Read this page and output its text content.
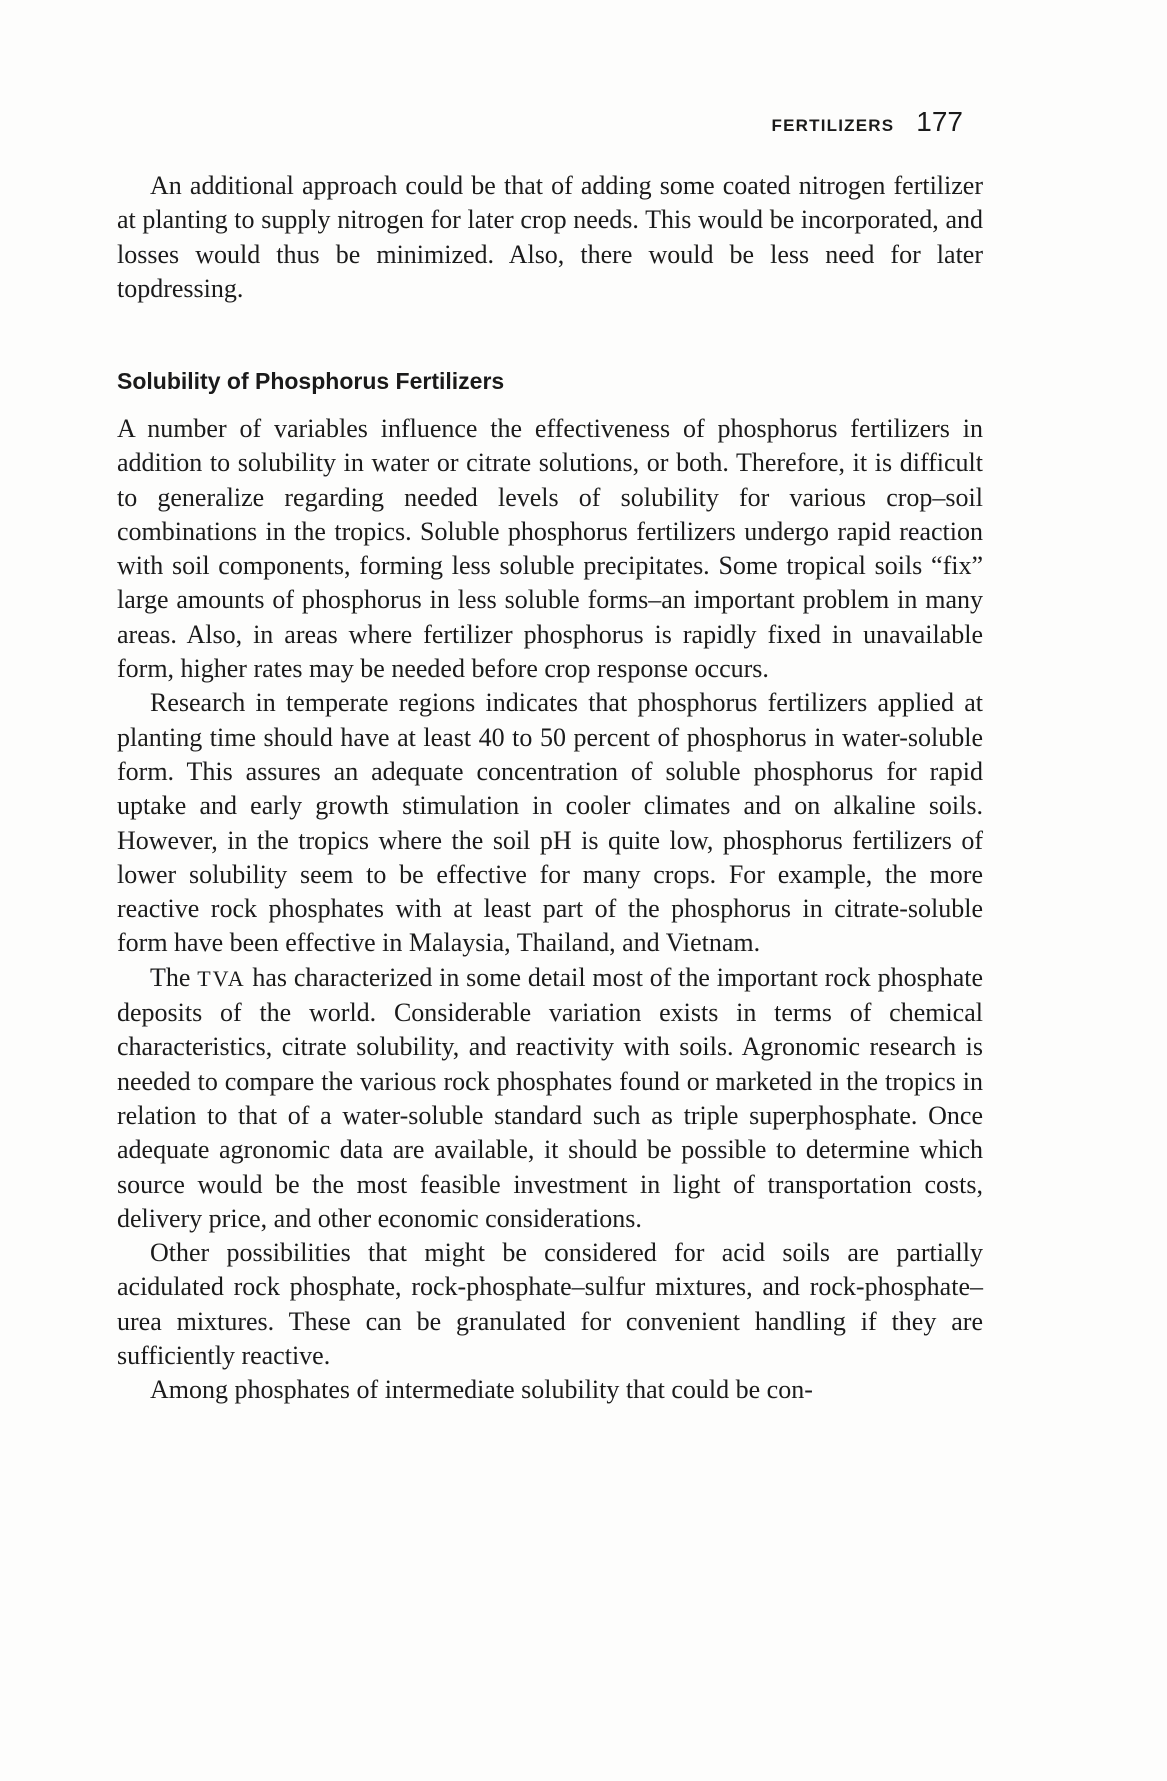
FERTILIZERS 177

An additional approach could be that of adding some coated nitrogen fertilizer at planting to supply nitrogen for later crop needs. This would be incorporated, and losses would thus be minimized. Also, there would be less need for later topdressing.

Solubility of Phosphorus Fertilizers

A number of variables influence the effectiveness of phosphorus fertilizers in addition to solubility in water or citrate solutions, or both. Therefore, it is difficult to generalize regarding needed levels of solubility for various crop–soil combinations in the tropics. Soluble phosphorus fertilizers undergo rapid reaction with soil components, forming less soluble precipitates. Some tropical soils “fix” large amounts of phosphorus in less soluble forms–an important problem in many areas. Also, in areas where fertilizer phosphorus is rapidly fixed in unavailable form, higher rates may be needed before crop response occurs.

Research in temperate regions indicates that phosphorus fertilizers applied at planting time should have at least 40 to 50 percent of phosphorus in water-soluble form. This assures an adequate concentration of soluble phosphorus for rapid uptake and early growth stimulation in cooler climates and on alkaline soils. However, in the tropics where the soil pH is quite low, phosphorus fertilizers of lower solubility seem to be effective for many crops. For example, the more reactive rock phosphates with at least part of the phosphorus in citrate-soluble form have been effective in Malaysia, Thailand, and Vietnam.

The TVA has characterized in some detail most of the important rock phosphate deposits of the world. Considerable variation exists in terms of chemical characteristics, citrate solubility, and reactivity with soils. Agronomic research is needed to compare the various rock phosphates found or marketed in the tropics in relation to that of a water-soluble standard such as triple superphosphate. Once adequate agronomic data are available, it should be possible to determine which source would be the most feasible investment in light of transportation costs, delivery price, and other economic considerations.

Other possibilities that might be considered for acid soils are partially acidulated rock phosphate, rock-phosphate–sulfur mixtures, and rock-phosphate–urea mixtures. These can be granulated for convenient handling if they are sufficiently reactive.

Among phosphates of intermediate solubility that could be con-
